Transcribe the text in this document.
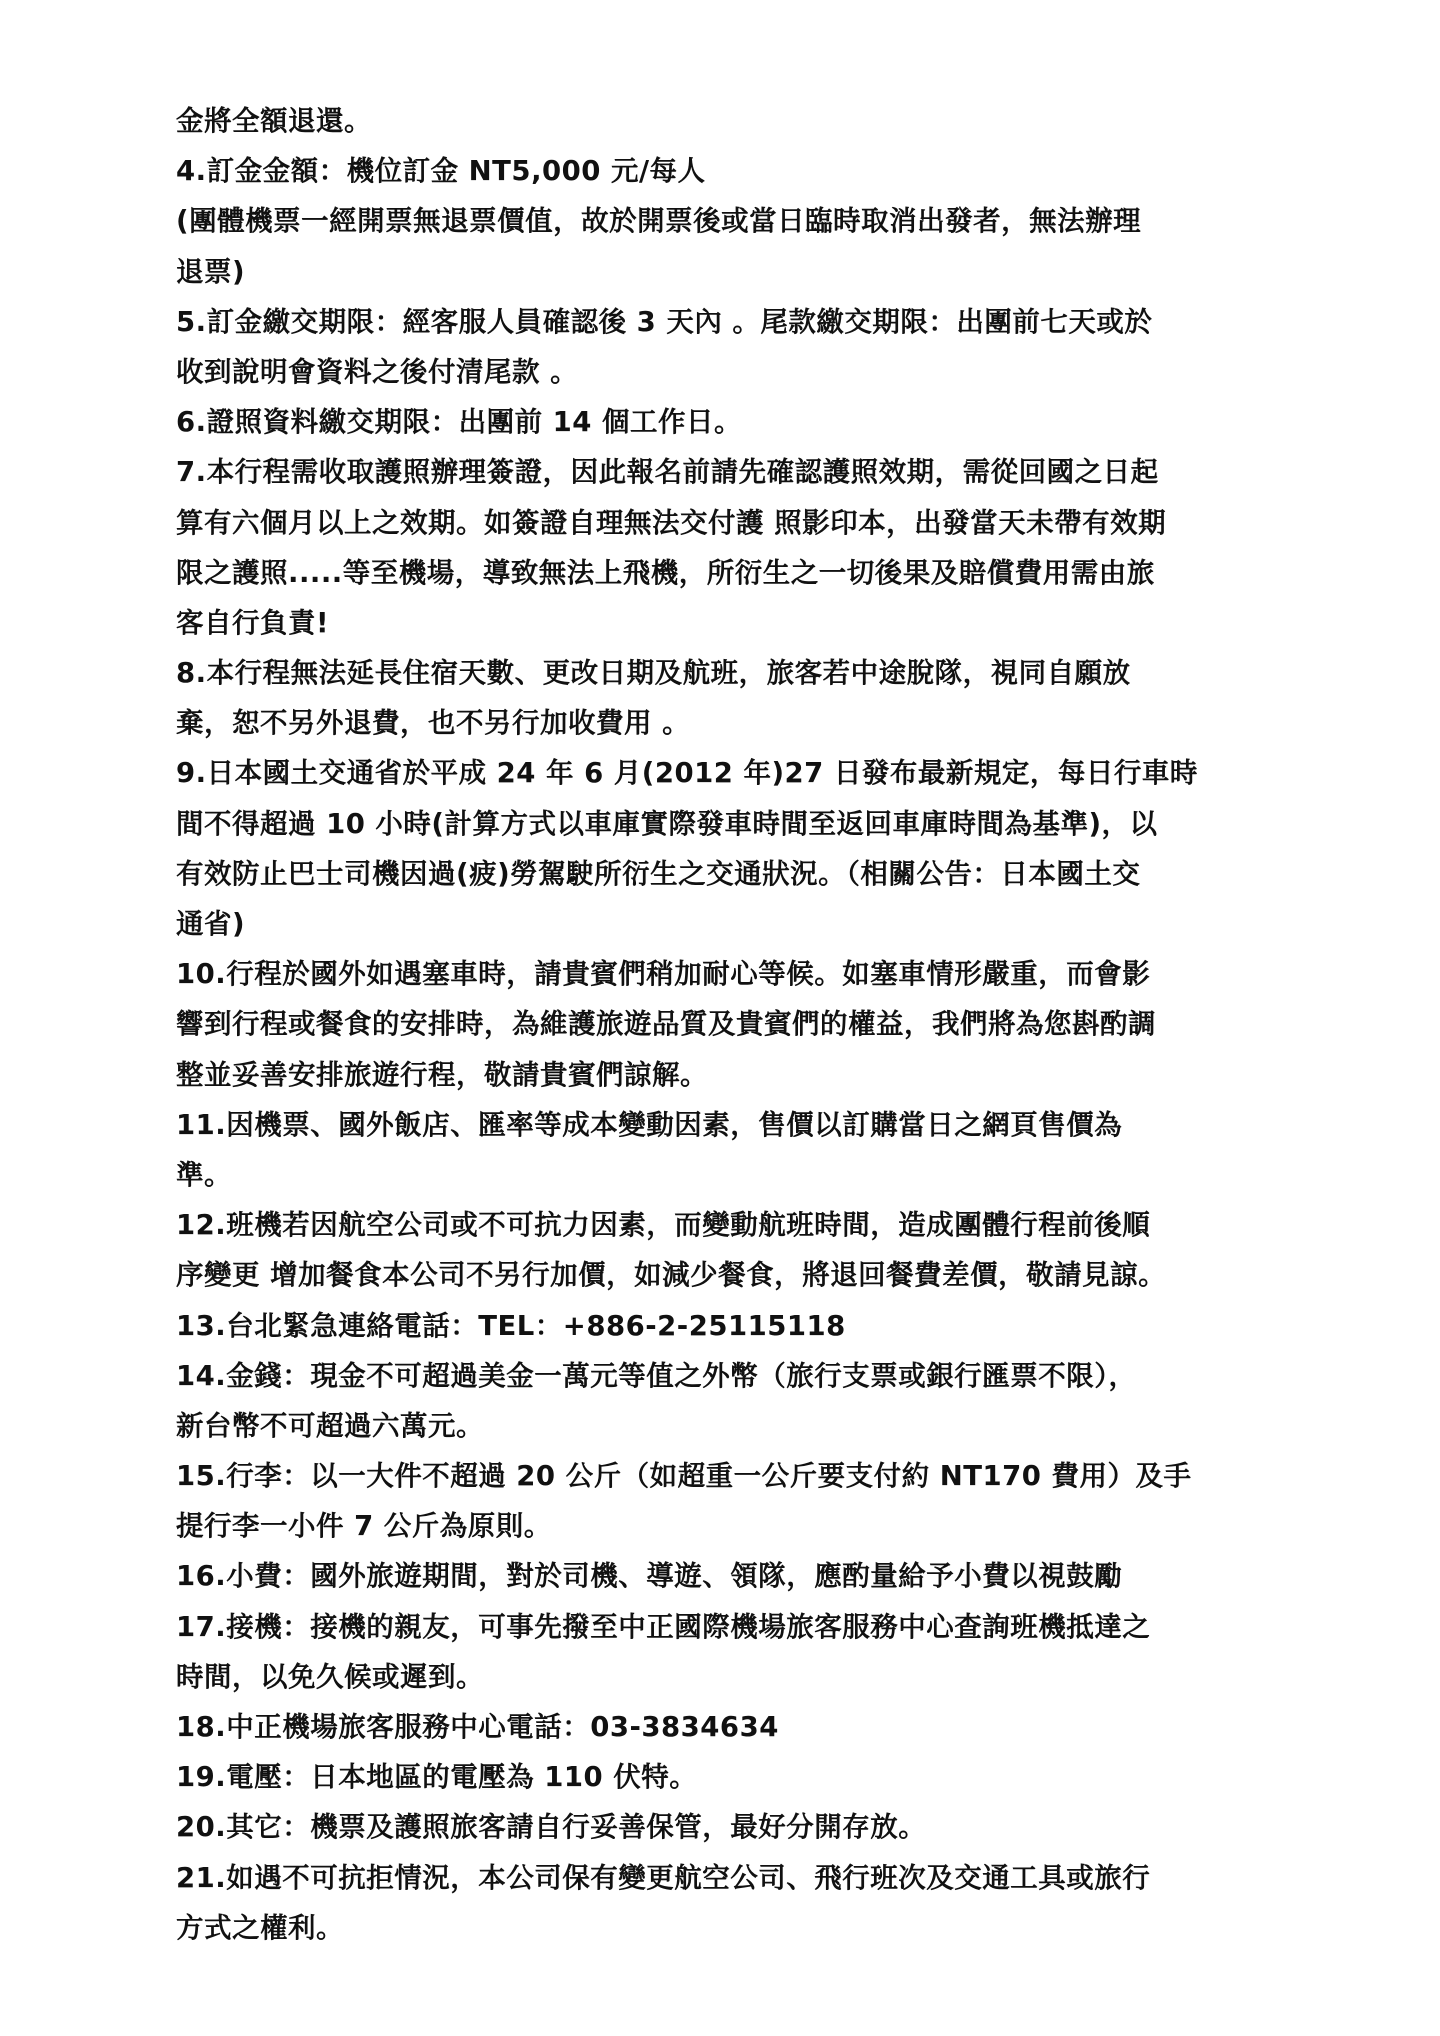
金將全額退還。
4.訂金金額：機位訂金 NT5,000 元/每人
(團體機票一經開票無退票價值，故於開票後或當日臨時取消出發者，無法辦理
退票)
5.訂金繳交期限：經客服人員確認後 3 天內 。尾款繳交期限：出團前七天或於
收到說明會資料之後付清尾款 。
6.證照資料繳交期限：出團前 14 個工作日。
7.本行程需收取護照辦理簽證，因此報名前請先確認護照效期，需從回國之日起
算有六個月以上之效期。如簽證自理無法交付護 照影印本，出發當天未帶有效期
限之護照.....等至機場，導致無法上飛機，所衍生之一切後果及賠償費用需由旅
客自行負責!
8.本行程無法延長住宿天數、更改日期及航班，旅客若中途脫隊，視同自願放
棄，恕不另外退費，也不另行加收費用 。
9.日本國土交通省於平成 24 年 6 月(2012 年)27 日發布最新規定，每日行車時
間不得超過 10 小時(計算方式以車庫實際發車時間至返回車庫時間為基準)，以
有效防止巴士司機因過(疲)勞駕駛所衍生之交通狀況。（相關公告：日本國土交
通省)
10.行程於國外如遇塞車時，請貴賓們稍加耐心等候。如塞車情形嚴重，而會影
響到行程或餐食的安排時，為維護旅遊品質及貴賓們的權益，我們將為您斟酌調
整並妥善安排旅遊行程，敬請貴賓們諒解。
11.因機票、國外飯店、匯率等成本變動因素，售價以訂購當日之網頁售價為
準。
12.班機若因航空公司或不可抗力因素，而變動航班時間，造成團體行程前後順
序變更 增加餐食本公司不另行加價，如減少餐食，將退回餐費差價，敬請見諒。
13.台北緊急連絡電話：TEL：+886-2-25115118
14.金錢：現金不可超過美金一萬元等值之外幣（旅行支票或銀行匯票不限），
新台幣不可超過六萬元。
15.行李：以一大件不超過 20 公斤（如超重一公斤要支付約 NT170 費用）及手
提行李一小件 7 公斤為原則。
16.小費：國外旅遊期間，對於司機、導遊、領隊，應酌量給予小費以視鼓勵
17.接機：接機的親友，可事先撥至中正國際機場旅客服務中心查詢班機抵達之
時間，以免久候或遲到。
18.中正機場旅客服務中心電話：03-3834634
19.電壓：日本地區的電壓為 110 伏特。
20.其它：機票及護照旅客請自行妥善保管，最好分開存放。
21.如遇不可抗拒情況，本公司保有變更航空公司、飛行班次及交通工具或旅行
方式之權利。
